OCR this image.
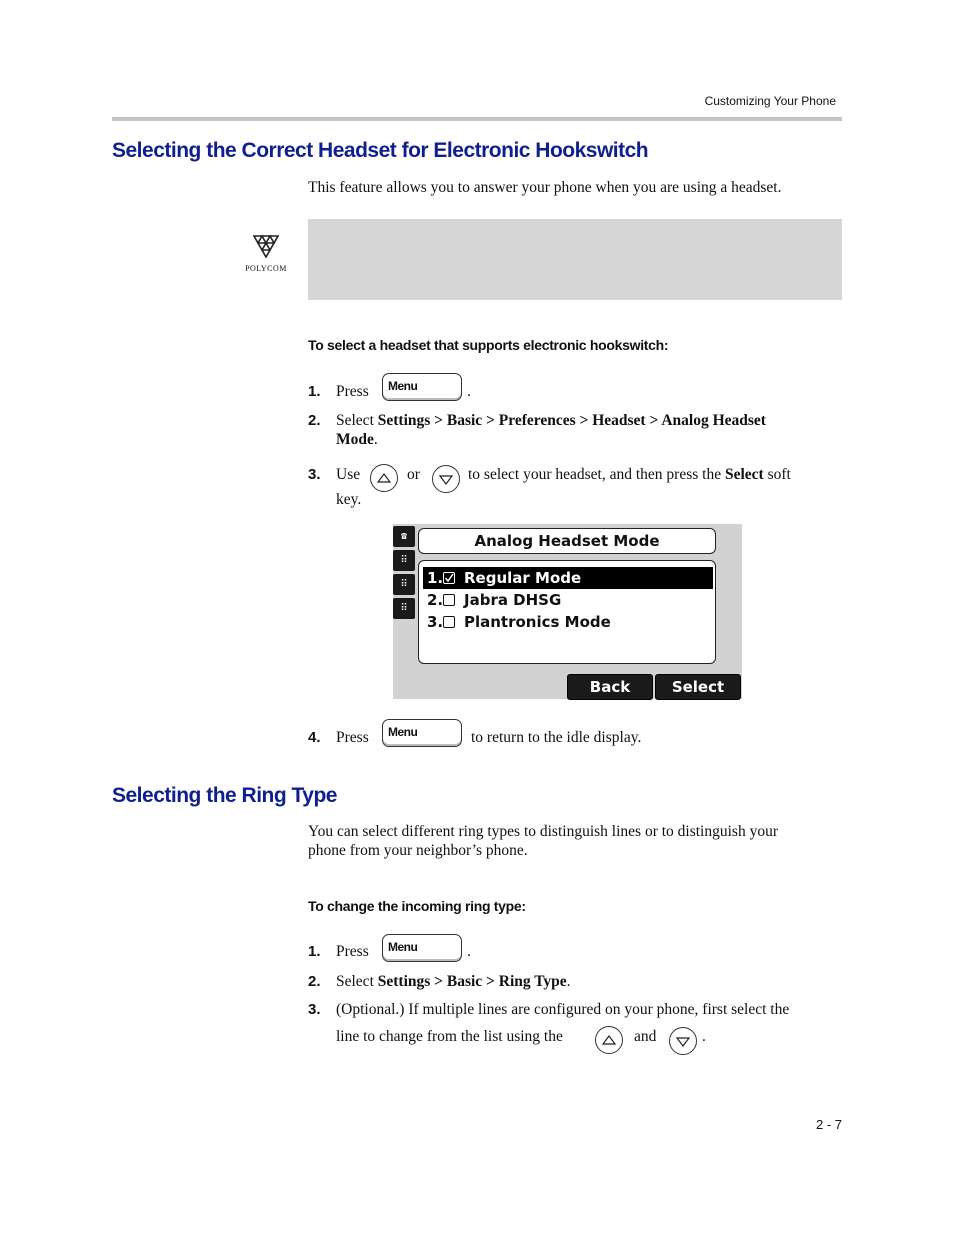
Customizing Your Phone
Selecting the Correct Headset for Electronic Hookswitch
This feature allows you to answer your phone when you are using a headset.
POLYCOM
To select a headset that supports electronic hookswitch:
1. Press Menu	.
2. Select Settings > Basic > Preferences > Headset > Analog Headset
Mode.
3. Use	or	to select your headset, and then press the Select soft
key.
☎
⠿
⠿
⠿
Analog Headset Mode
1. Regular Mode
2. Jabra DHSG
3. Plantronics Mode
Back	Select
4. Press Menu	to return to the idle display.
Selecting the Ring Type
You can select different ring types to distinguish lines or to distinguish your
phone from your neighbor’s phone.
To change the incoming ring type:
1. Press Menu	.
2. Select Settings > Basic > Ring Type.
3. (Optional.) If multiple lines are configured on your phone, first select the
line to change from the list using the	and	.
2 - 7
